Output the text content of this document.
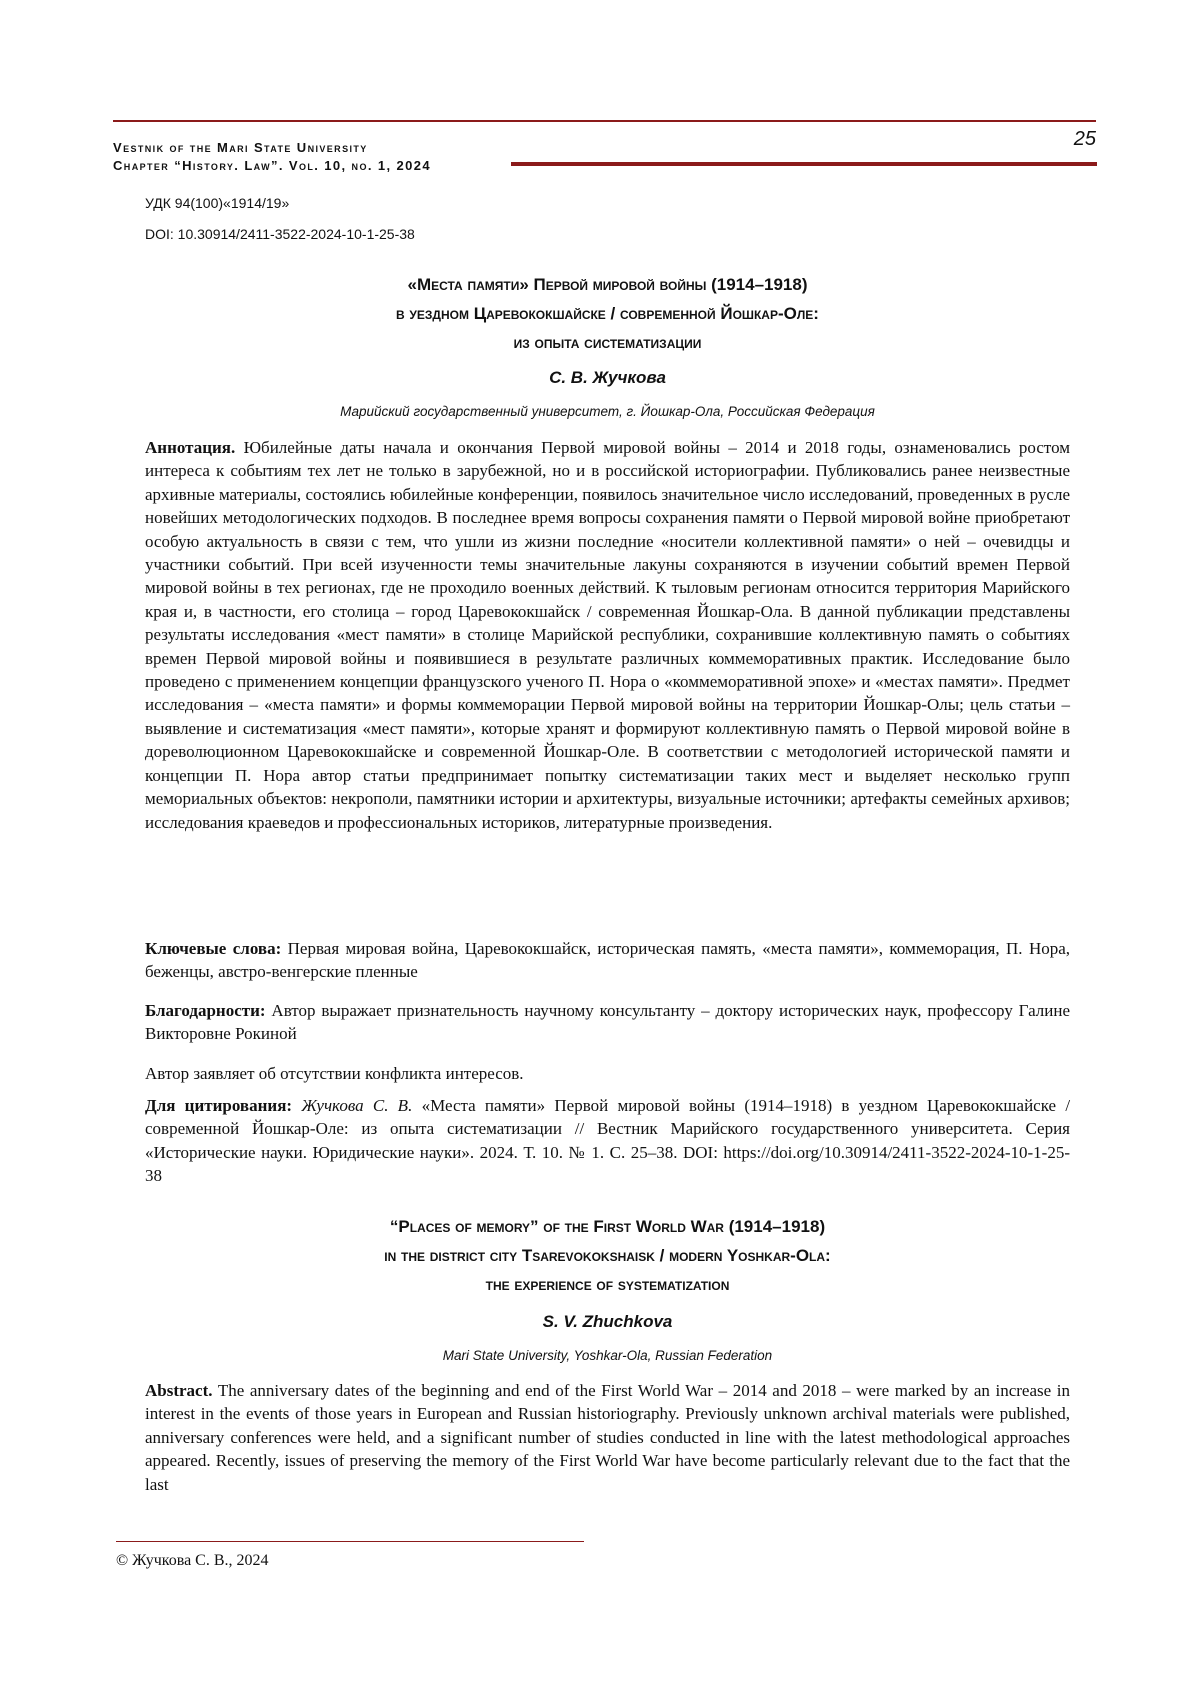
Vestnik of the Mari State University
Chapter “History. Law”. Vol. 10, no. 1, 2024
25
УДК 94(100)«1914/19»
DOI: 10.30914/2411-3522-2024-10-1-25-38
«Места памяти» Первой мировой войны (1914–1918)
в уездном Царевококшайске / современной Йошкар-Оле:
из опыта систематизации
С. В. Жучкова
Марийский государственный университет, г. Йошкар-Ола, Российская Федерация
Аннотация. Юбилейные даты начала и окончания Первой мировой войны – 2014 и 2018 годы, ознаменовались ростом интереса к событиям тех лет не только в зарубежной, но и в российской историографии. Публиковались ранее неизвестные архивные материалы, состоялись юбилейные конференции, появилось значительное число исследований, проведенных в русле новейших методологических подходов. В последнее время вопросы сохранения памяти о Первой мировой войне приобретают особую актуальность в связи с тем, что ушли из жизни последние «носители коллективной памяти» о ней – очевидцы и участники событий. При всей изученности темы значительные лакуны сохраняются в изучении событий времен Первой мировой войны в тех регионах, где не проходило военных действий. К тыловым регионам относится территория Марийского края и, в частности, его столица – город Царевококшайск / современная Йошкар-Ола. В данной публикации представлены результаты исследования «мест памяти» в столице Марийской республики, сохранившие коллективную память о событиях времен Первой мировой войны и появившиеся в результате различных коммеморативных практик. Исследование было проведено с применением концепции французского ученого П. Нора о «коммеморативной эпохе» и «местах памяти». Предмет исследования – «места памяти» и формы коммеморации Первой мировой войны на территории Йошкар-Олы; цель статьи – выявление и систематизация «мест памяти», которые хранят и формируют коллективную память о Первой мировой войне в дореволюционном Царевококшайске и современной Йошкар-Оле. В соответствии с методологией исторической памяти и концепции П. Нора автор статьи предпринимает попытку систематизации таких мест и выделяет несколько групп мемориальных объектов: некрополи, памятники истории и архитектуры, визуальные источники; артефакты семейных архивов; исследования краеведов и профессиональных историков, литературные произведения.
Ключевые слова: Первая мировая война, Царевококшайск, историческая память, «места памяти», коммеморация, П. Нора, беженцы, австро-венгерские пленные
Благодарности: Автор выражает признательность научному консультанту – доктору исторических наук, профессору Галине Викторовне Рокиной
Автор заявляет об отсутствии конфликта интересов.
Для цитирования: Жучкова С. В. «Места памяти» Первой мировой войны (1914–1918) в уездном Царевококшайске / современной Йошкар-Оле: из опыта систематизации // Вестник Марийского государственного университета. Серия «Исторические науки. Юридические науки». 2024. Т. 10. № 1. С. 25–38. DOI: https://doi.org/10.30914/2411-3522-2024-10-1-25-38
“Places of memory” of the First World War (1914–1918)
in the district city Tsarevokokshaisk / modern Yoshkar-Ola:
the experience of systematization
S. V. Zhuchkova
Mari State University, Yoshkar-Ola, Russian Federation
Abstract. The anniversary dates of the beginning and end of the First World War – 2014 and 2018 – were marked by an increase in interest in the events of those years in European and Russian historiography. Previously unknown archival materials were published, anniversary conferences were held, and a significant number of studies conducted in line with the latest methodological approaches appeared. Recently, issues of preserving the memory of the First World War have become particularly relevant due to the fact that the last
© Жучкова С. В., 2024
